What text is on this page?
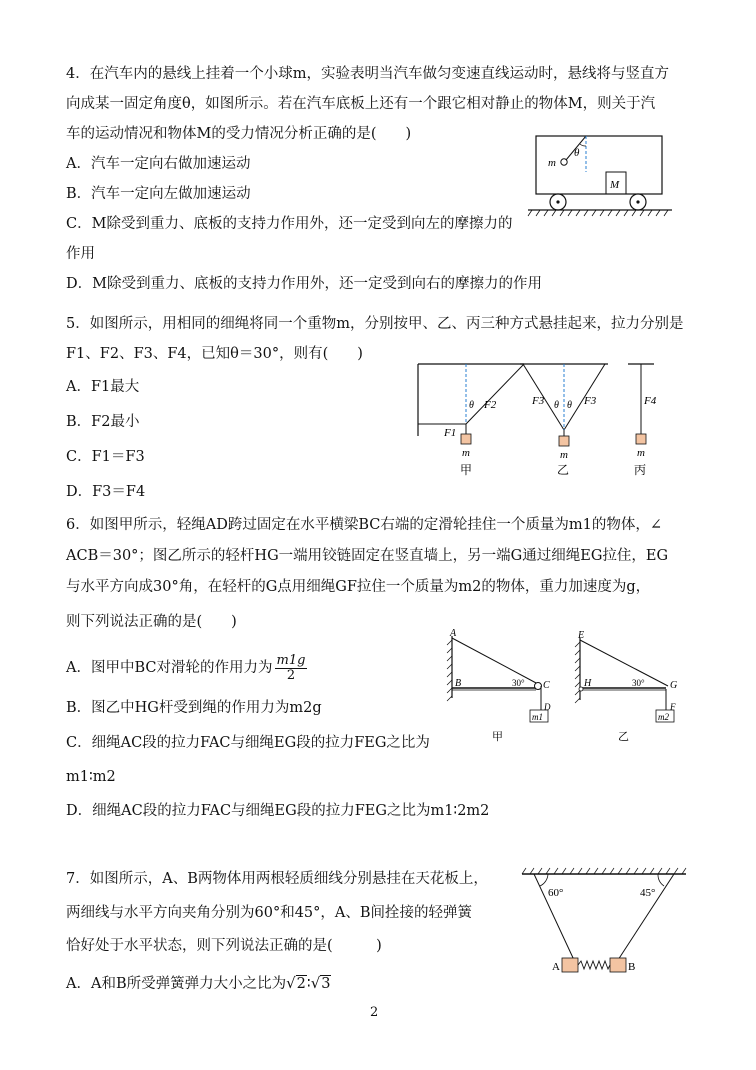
4．在汽车内的悬线上挂着一个小球m，实验表明当汽车做匀变速直线运动时，悬线将与竖直方
向成某一固定角度θ，如图所示。若在汽车底板上还有一个跟它相对静止的物体M，则关于汽
车的运动情况和物体M的受力情况分析正确的是(　　)
A．汽车一定向右做加速运动
B．汽车一定向左做加速运动
C．M除受到重力、底板的支持力作用外，还一定受到向左的摩擦力的
作用
D．M除受到重力、底板的支持力作用外，还一定受到向右的摩擦力的作用
θ
m
M
5．如图所示，用相同的细绳将同一个重物m，分别按甲、乙、丙三种方式悬挂起来，拉力分别是
F1、F2、F3、F4，已知θ＝30°，则有(　　)
A．F1最大
B．F2最小
C．F1＝F3
D．F3＝F4
θ F2
F1
m
甲
F3 θ θ F3
m
乙
F4
m
丙
6．如图甲所示，轻绳AD跨过固定在水平横梁BC右端的定滑轮挂住一个质量为m1的物体，∠
ACB＝30°；图乙所示的轻杆HG一端用铰链固定在竖直墙上，另一端G通过细绳EG拉住，EG
与水平方向成30°角，在轻杆的G点用细绳GF拉住一个质量为m2的物体，重力加速度为g，
则下列说法正确的是(　　)
A．图甲中BC对滑轮的作用力为 $\frac{m1g}{2}$
B．图乙中HG杆受到绳的作用力为m2g
C．细绳AC段的拉力FAC与细绳EG段的拉力FEG之比为
m1∶m2
D．细绳AC段的拉力FAC与细绳EG段的拉力FEG之比为m1∶2m2
A
B	30° C
D
m1
甲
E
H	30°	G
F
m2
乙
7．如图所示，A、B两物体用两根轻质细线分别悬挂在天花板上，
两细线与水平方向夹角分别为60°和45°，A、B间拴接的轻弹簧
恰好处于水平状态，则下列说法正确的是(　　　)
A．A和B所受弹簧弹力大小之比为√2∶√3
60°	45°
A	B
2
